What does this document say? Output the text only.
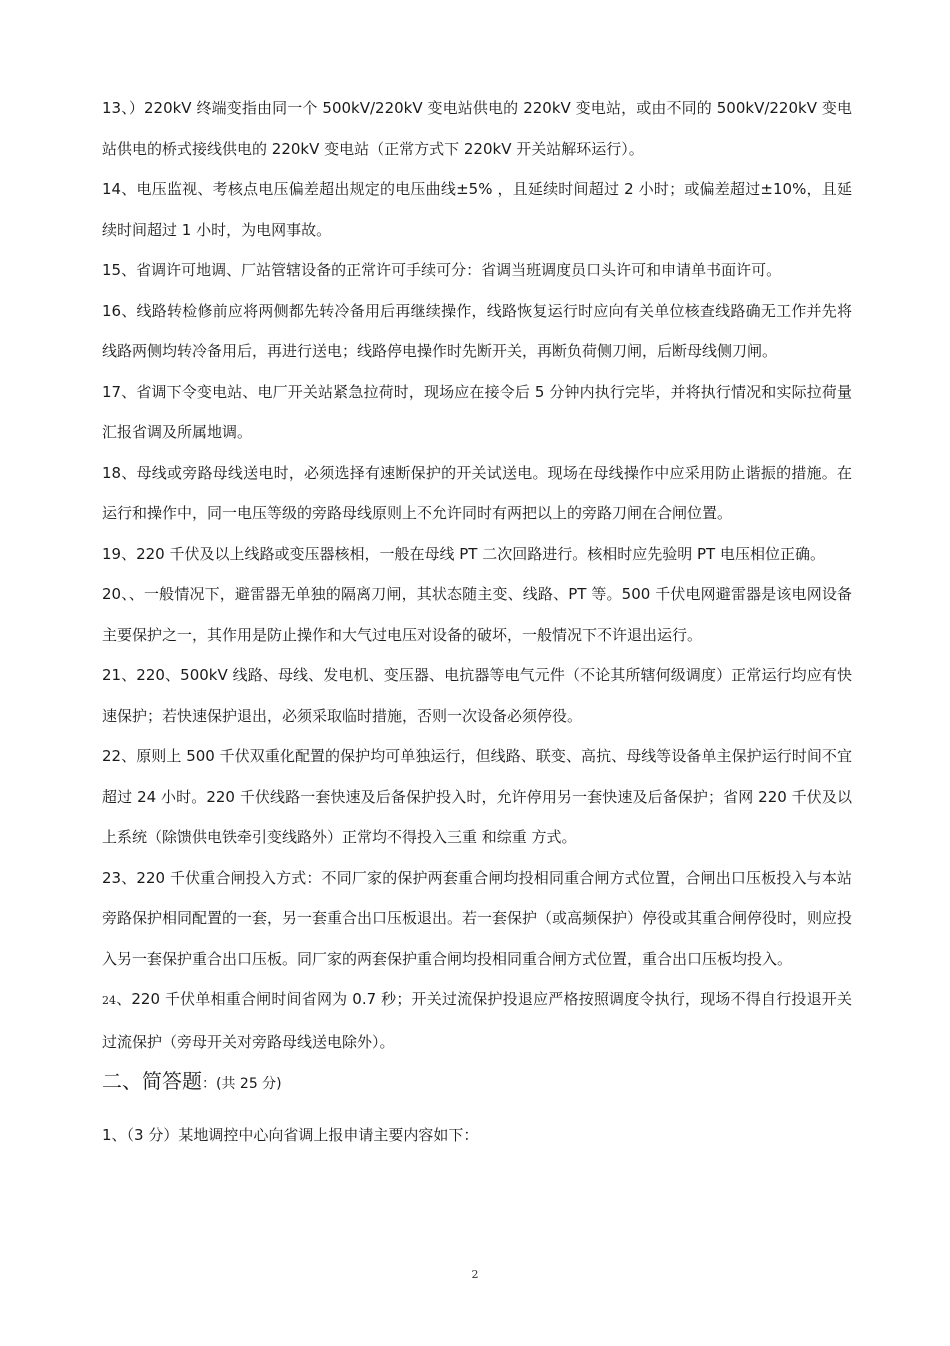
13、）220kV 终端变指由同一个 500kV/220kV 变电站供电的 220kV 变电站，或由不同的 500kV/220kV 变电站供电的桥式接线供电的 220kV 变电站（正常方式下 220kV 开关站解环运行）。

14、电压监视、考核点电压偏差超出规定的电压曲线±5% ，且延续时间超过 2 小时；或偏差超过±10%，且延续时间超过 1 小时，为电网事故。

15、省调许可地调、厂站管辖设备的正常许可手续可分：省调当班调度员口头许可和申请单书面许可。

16、线路转检修前应将两侧都先转冷备用后再继续操作，线路恢复运行时应向有关单位核查线路确无工作并先将线路两侧均转冷备用后，再进行送电；线路停电操作时先断开关，再断负荷侧刀闸，后断母线侧刀闸。

17、省调下令变电站、电厂开关站紧急拉荷时，现场应在接令后 5 分钟内执行完毕，并将执行情况和实际拉荷量汇报省调及所属地调。

18、母线或旁路母线送电时，必须选择有速断保护的开关试送电。现场在母线操作中应采用防止谐振的措施。在运行和操作中，同一电压等级的旁路母线原则上不允许同时有两把以上的旁路刀闸在合闸位置。

19、220 千伏及以上线路或变压器核相，一般在母线 PT 二次回路进行。核相时应先验明 PT 电压相位正确。

20、、一般情况下，避雷器无单独的隔离刀闸，其状态随主变、线路、PT 等。500 千伏电网避雷器是该电网设备主要保护之一，其作用是防止操作和大气过电压对设备的破坏，一般情况下不许退出运行。

21、220、500kV 线路、母线、发电机、变压器、电抗器等电气元件（不论其所辖何级调度）正常运行均应有快速保护；若快速保护退出，必须采取临时措施，否则一次设备必须停役。

22、原则上 500 千伏双重化配置的保护均可单独运行，但线路、联变、高抗、母线等设备单主保护运行时间不宜超过 24 小时。220 千伏线路一套快速及后备保护投入时，允许停用另一套快速及后备保护；省网 220 千伏及以上系统（除馈供电铁牵引变线路外）正常均不得投入三重 和综重 方式。

23、220 千伏重合闸投入方式：不同厂家的保护两套重合闸均投相同重合闸方式位置，合闸出口压板投入与本站旁路保护相同配置的一套，另一套重合出口压板退出。若一套保护（或高频保护）停役或其重合闸停役时，则应投入另一套保护重合出口压板。同厂家的两套保护重合闸均投相同重合闸方式位置，重合出口压板均投入。

24、220 千伏单相重合闸时间省网为 0.7 秒；开关过流保护投退应严格按照调度令执行，现场不得自行投退开关过流保护（旁母开关对旁路母线送电除外）。

二、简答题：(共 25 分)

1、（3 分）某地调控中心向省调上报申请主要内容如下：

2
